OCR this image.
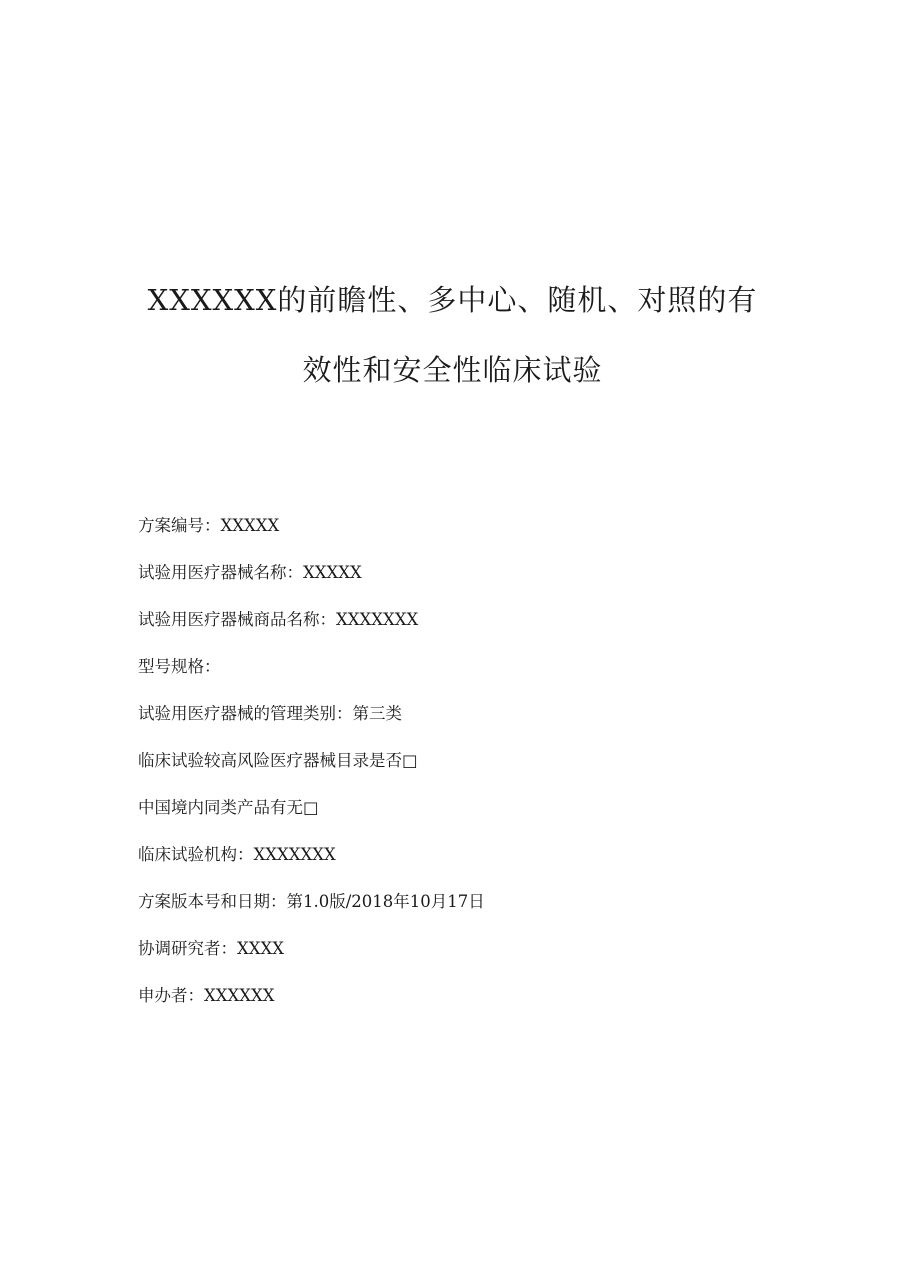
XXXXXX的前瞻性、多中心、随机、对照的有
效性和安全性临床试验
方案编号：XXXXX
试验用医疗器械名称：XXXXX
试验用医疗器械商品名称：XXXXXXX
型号规格：
试验用医疗器械的管理类别：第三类
临床试验较高风险医疗器械目录是否□
中国境内同类产品有无□
临床试验机构：XXXXXXX
方案版本号和日期：第1.0版/2018年10月17日
协调研究者：XXXX
申办者：XXXXXX
